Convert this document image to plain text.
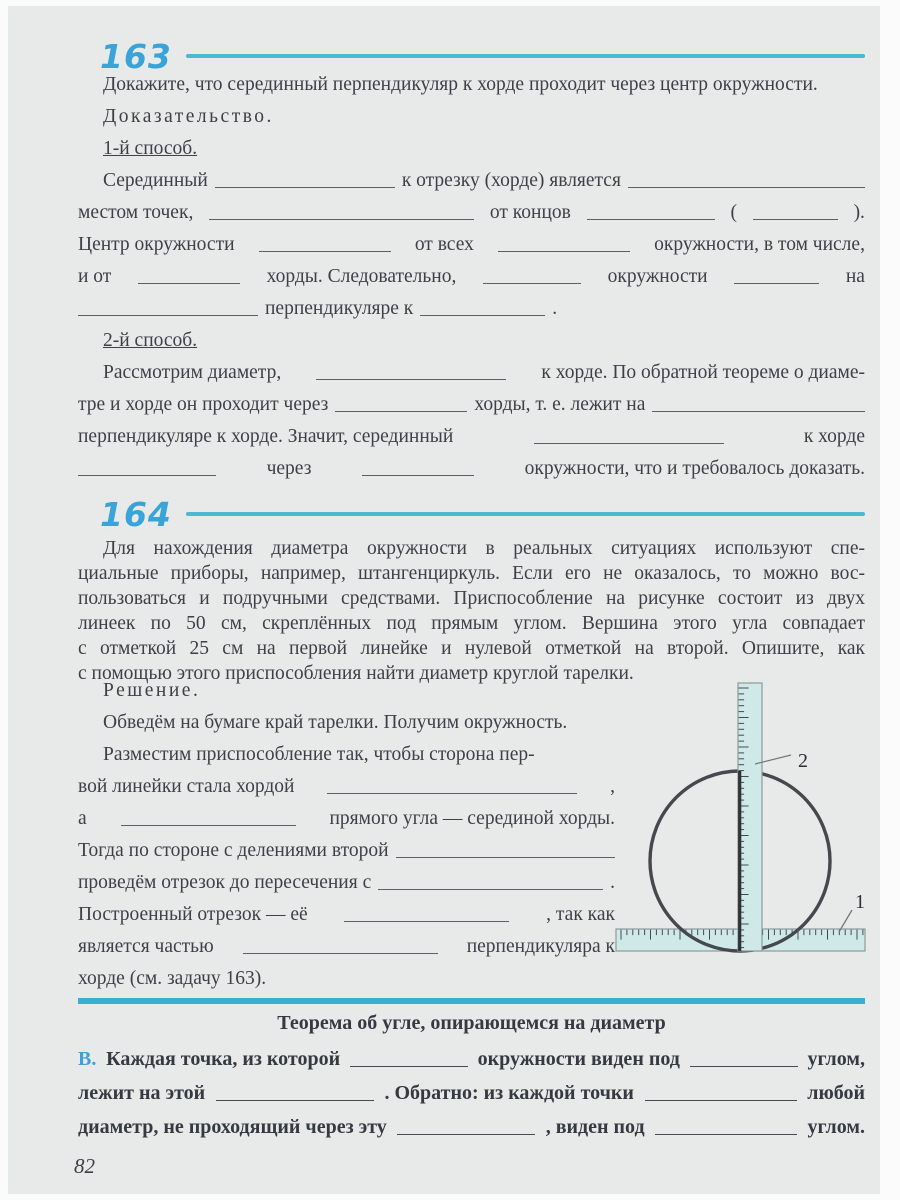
163
Докажите, что серединный перпендикуляр к хорде проходит через центр окружности.
Доказательство.
1-й способ.
Серединный	к отрезку (хорде) является
местом точек,	от концов	(	).
Центр окружности	от всех	окружности, в том числе,
и от	хорды. Следовательно,	окружности	на
перпендикуляре к	.
2-й способ.
Рассмотрим диаметр,	к хорде. По обратной теореме о диаме-
тре и хорде он проходит через	хорды, т. е. лежит на
перпендикуляре к хорде. Значит, серединный	к хорде
через	окружности, что и требовалось доказать.
164
Для нахождения диаметра окружности в реальных ситуациях используют спе-
циальные приборы, например, штангенциркуль. Если его не оказалось, то можно вос-
пользоваться и подручными средствами. Приспособление на рисунке состоит из двух
линеек по 50 см, скреплённых под прямым углом. Вершина этого угла совпадает
с отметкой 25 см на первой линейке и нулевой отметкой на второй. Опишите, как
с помощью этого приспособления найти диаметр круглой тарелки.
Решение.
Обведём на бумаге край тарелки. Получим окружность.
Разместим приспособление так, чтобы сторона пер-
вой линейки стала хордой	,
а	прямого угла — серединой хорды.
Тогда по стороне с делениями второй
проведём отрезок до пересечения с	.
Построенный отрезок — её	, так как
является частью	перпендикуляра к
хорде (см. задачу 163).
2
1
Теорема об угле, опирающемся на диаметр
В. Каждая точка, из которой	окружности виден под	углом,
лежит на этой	. Обратно: из каждой точки	любой
диаметр, не проходящий через эту	, виден под	углом.
82
